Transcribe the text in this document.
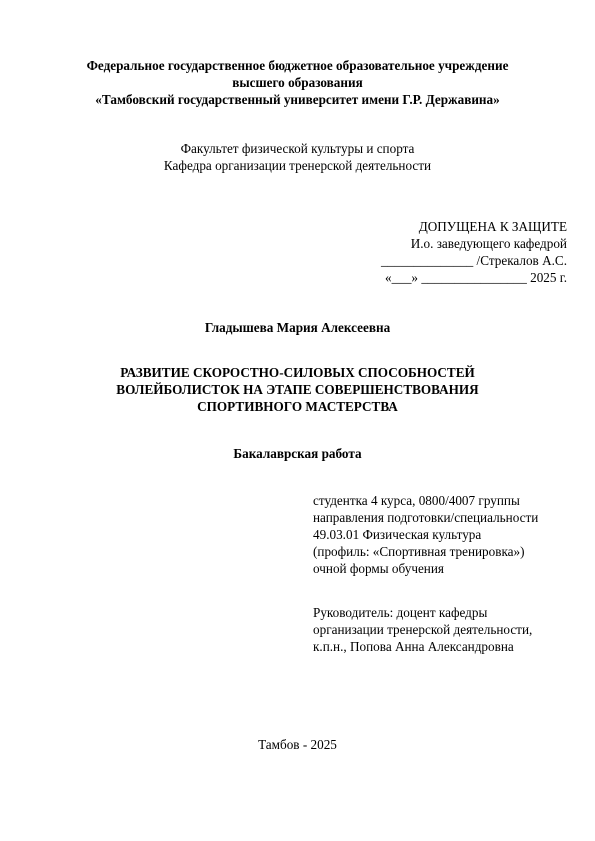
Федеральное государственное бюджетное образовательное учреждение
высшего образования
«Тамбовский государственный университет имени Г.Р. Державина»
Факультет физической культуры и спорта
Кафедра организации тренерской деятельности
ДОПУЩЕНА К ЗАЩИТЕ
И.о. заведующего кафедрой
______________ /Стрекалов А.С.
«___» ________________ 2025 г.
Гладышева Мария Алексеевна
РАЗВИТИЕ СКОРОСТНО-СИЛОВЫХ СПОСОБНОСТЕЙ
ВОЛЕЙБОЛИСТОК НА ЭТАПЕ СОВЕРШЕНСТВОВАНИЯ
СПОРТИВНОГО МАСТЕРСТВА
Бакалаврская работа
студентка 4 курса, 0800/4007 группы
направления подготовки/специальности
49.03.01 Физическая культура
(профиль: «Спортивная тренировка»)
очной формы обучения
Руководитель: доцент кафедры
организации тренерской деятельности,
к.п.н., Попова Анна Александровна
Тамбов - 2025
